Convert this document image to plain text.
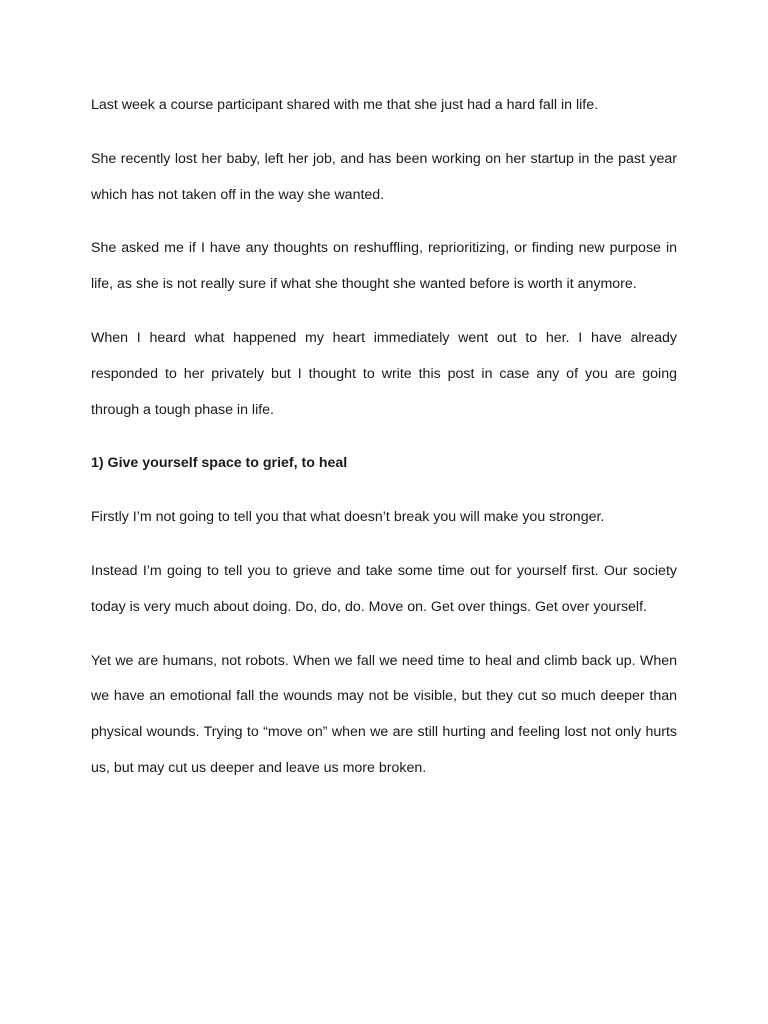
Last week a course participant shared with me that she just had a hard fall in life.

She recently lost her baby, left her job, and has been working on her startup in the past year which has not taken off in the way she wanted.

She asked me if I have any thoughts on reshuffling, reprioritizing, or finding new purpose in life, as she is not really sure if what she thought she wanted before is worth it anymore.

When I heard what happened my heart immediately went out to her. I have already responded to her privately but I thought to write this post in case any of you are going through a tough phase in life.

1) Give yourself space to grief, to heal

Firstly I’m not going to tell you that what doesn’t break you will make you stronger.

Instead I’m going to tell you to grieve and take some time out for yourself first. Our society today is very much about doing. Do, do, do. Move on. Get over things. Get over yourself.

Yet we are humans, not robots. When we fall we need time to heal and climb back up. When we have an emotional fall the wounds may not be visible, but they cut so much deeper than physical wounds. Trying to “move on” when we are still hurting and feeling lost not only hurts us, but may cut us deeper and leave us more broken.
